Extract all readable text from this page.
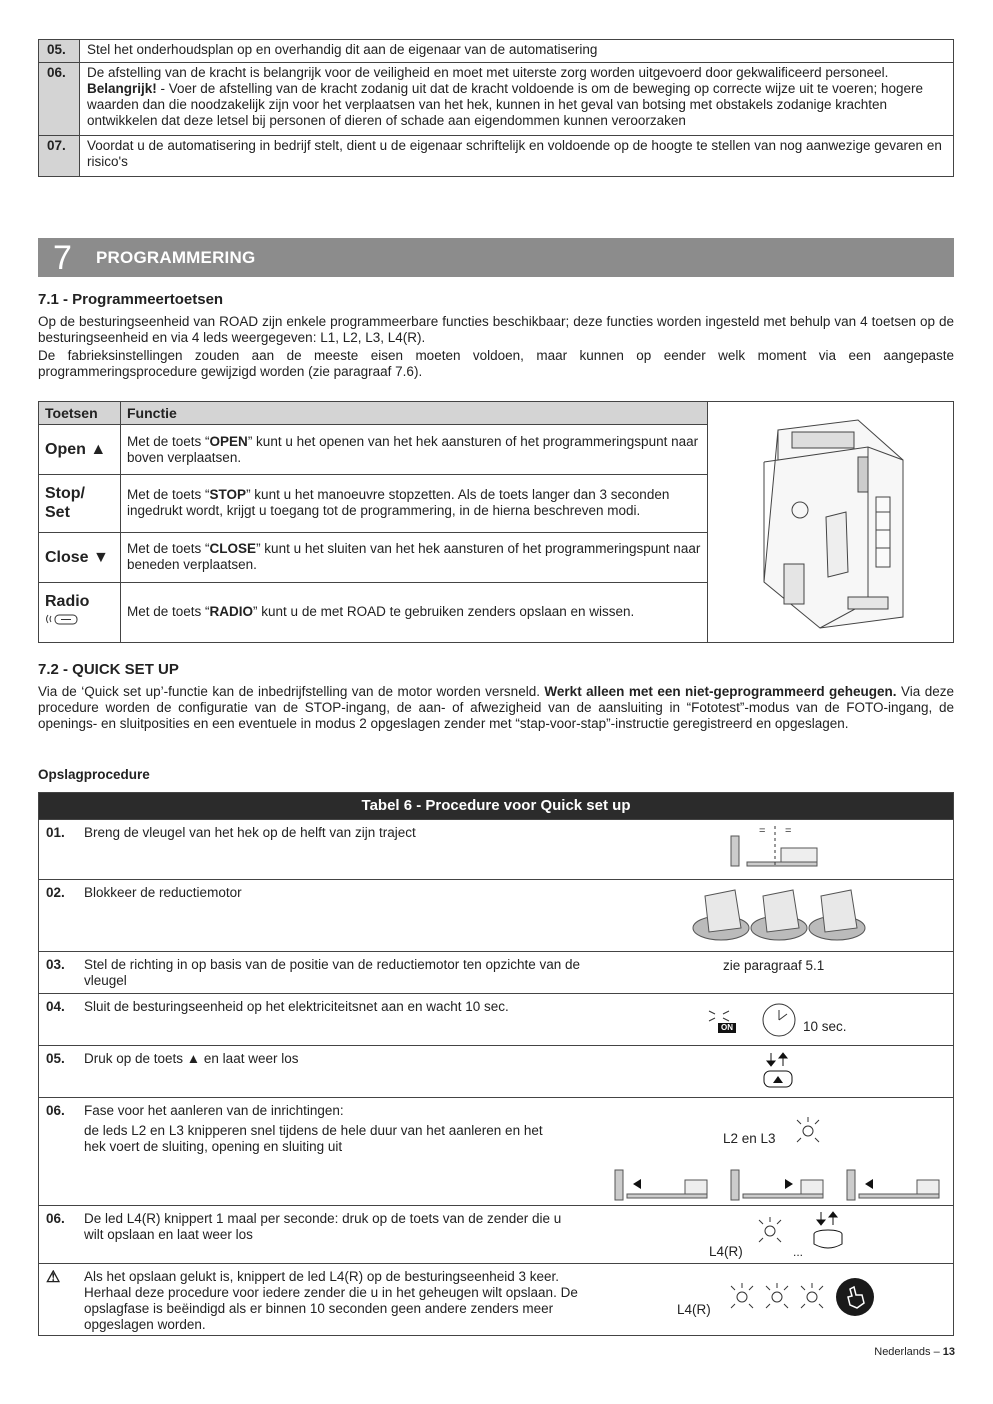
05.	Stel het onderhoudsplan op en overhandig dit aan de eigenaar van de automatisering
06.	De afstelling van de kracht is belangrijk voor de veiligheid en moet met uiterste zorg worden uitgevoerd door gekwalificeerd personeel.
Belangrijk! - Voer de afstelling van de kracht zodanig uit dat de kracht voldoende is om de beweging op correcte wijze uit te voeren; hogere waarden dan die noodzakelijk zijn voor het verplaatsen van het hek, kunnen in het geval van botsing met obstakels zodanige krachten ontwikkelen dat deze letsel bij personen of dieren of schade aan eigendommen kunnen veroorzaken
07.	Voordat u de automatisering in bedrijf stelt, dient u de eigenaar schriftelijk en voldoende op de hoogte te stellen van nog aanwezige gevaren en risico's
7 PROGRAMMERING
7.1 - Programmeertoetsen
Op de besturingseenheid van ROAD zijn enkele programmeerbare functies beschikbaar; deze functies worden ingesteld met behulp van 4 toetsen op de besturingseenheid en via 4 leds weergegeven: L1, L2, L3, L4(R).
De fabrieksinstellingen zouden aan de meeste eisen moeten voldoen, maar kunnen op eender welk moment via een aangepaste programmeringsprocedure gewijzigd worden (zie paragraaf 7.6).
Toetsen	Functie	
Open ▲	Met de toets “OPEN” kunt u het openen van het hek aansturen of het programmeringspunt naar boven verplaatsen.	
Stop/ Set	Met de toets “STOP” kunt u het manoeuvre stopzetten. Als de toets langer dan 3 seconden ingedrukt wordt, krijgt u toegang tot de programmering, in de hierna beschreven modi.	
Close ▼	Met de toets “CLOSE” kunt u het sluiten van het hek aansturen of het programmeringspunt naar beneden verplaatsen.	
Radio	Met de toets “RADIO” kunt u de met ROAD te gebruiken zenders opslaan en wissen.	
7.2 - QUICK SET UP
Via de ‘Quick set up’-functie kan de inbedrijfstelling van de motor worden versneld. Werkt alleen met een niet-geprogrammeerd geheugen. Via deze procedure worden de configuratie van de STOP-ingang, de aan- of afwezigheid van de aansluiting in “Fototest”-modus van de FOTO-ingang, de openings- en sluitposities en een eventuele in modus 2 opgeslagen zender met “stap-voor-stap”-instructie geregistreerd en opgeslagen.
Opslagprocedure
Tabel 6 - Procedure voor Quick set up
01. Breng de vleugel van het hek op de helft van zijn traject	= =
02. Blokkeer de reductiemotor
03. Stel de richting in op basis van de positie van de reductiemotor ten opzichte van de vleugel
zie paragraaf 5.1
04. Sluit de besturingseenheid op het elektriciteitsnet aan en wacht 10 sec.
ON	10 sec.
05. Druk op de toets ▲ en laat weer los
06. Fase voor het aanleren van de inrichtingen:
de leds L2 en L3 knipperen snel tijdens de hele duur van het aanleren en het hek voert de sluiting, opening en sluiting uit
L2 en L3
06. De led L4(R) knippert 1 maal per seconde: druk op de toets van de zender die u wilt opslaan en laat weer los
L4(R)	...
⚠ Als het opslaan gelukt is, knippert de led L4(R) op de besturingseenheid 3 keer. Herhaal deze procedure voor iedere zender die u in het geheugen wilt opslaan. De opslagfase is beëindigd als er binnen 10 seconden geen andere zenders meer opgeslagen worden.
L4(R)
Nederlands – 13
